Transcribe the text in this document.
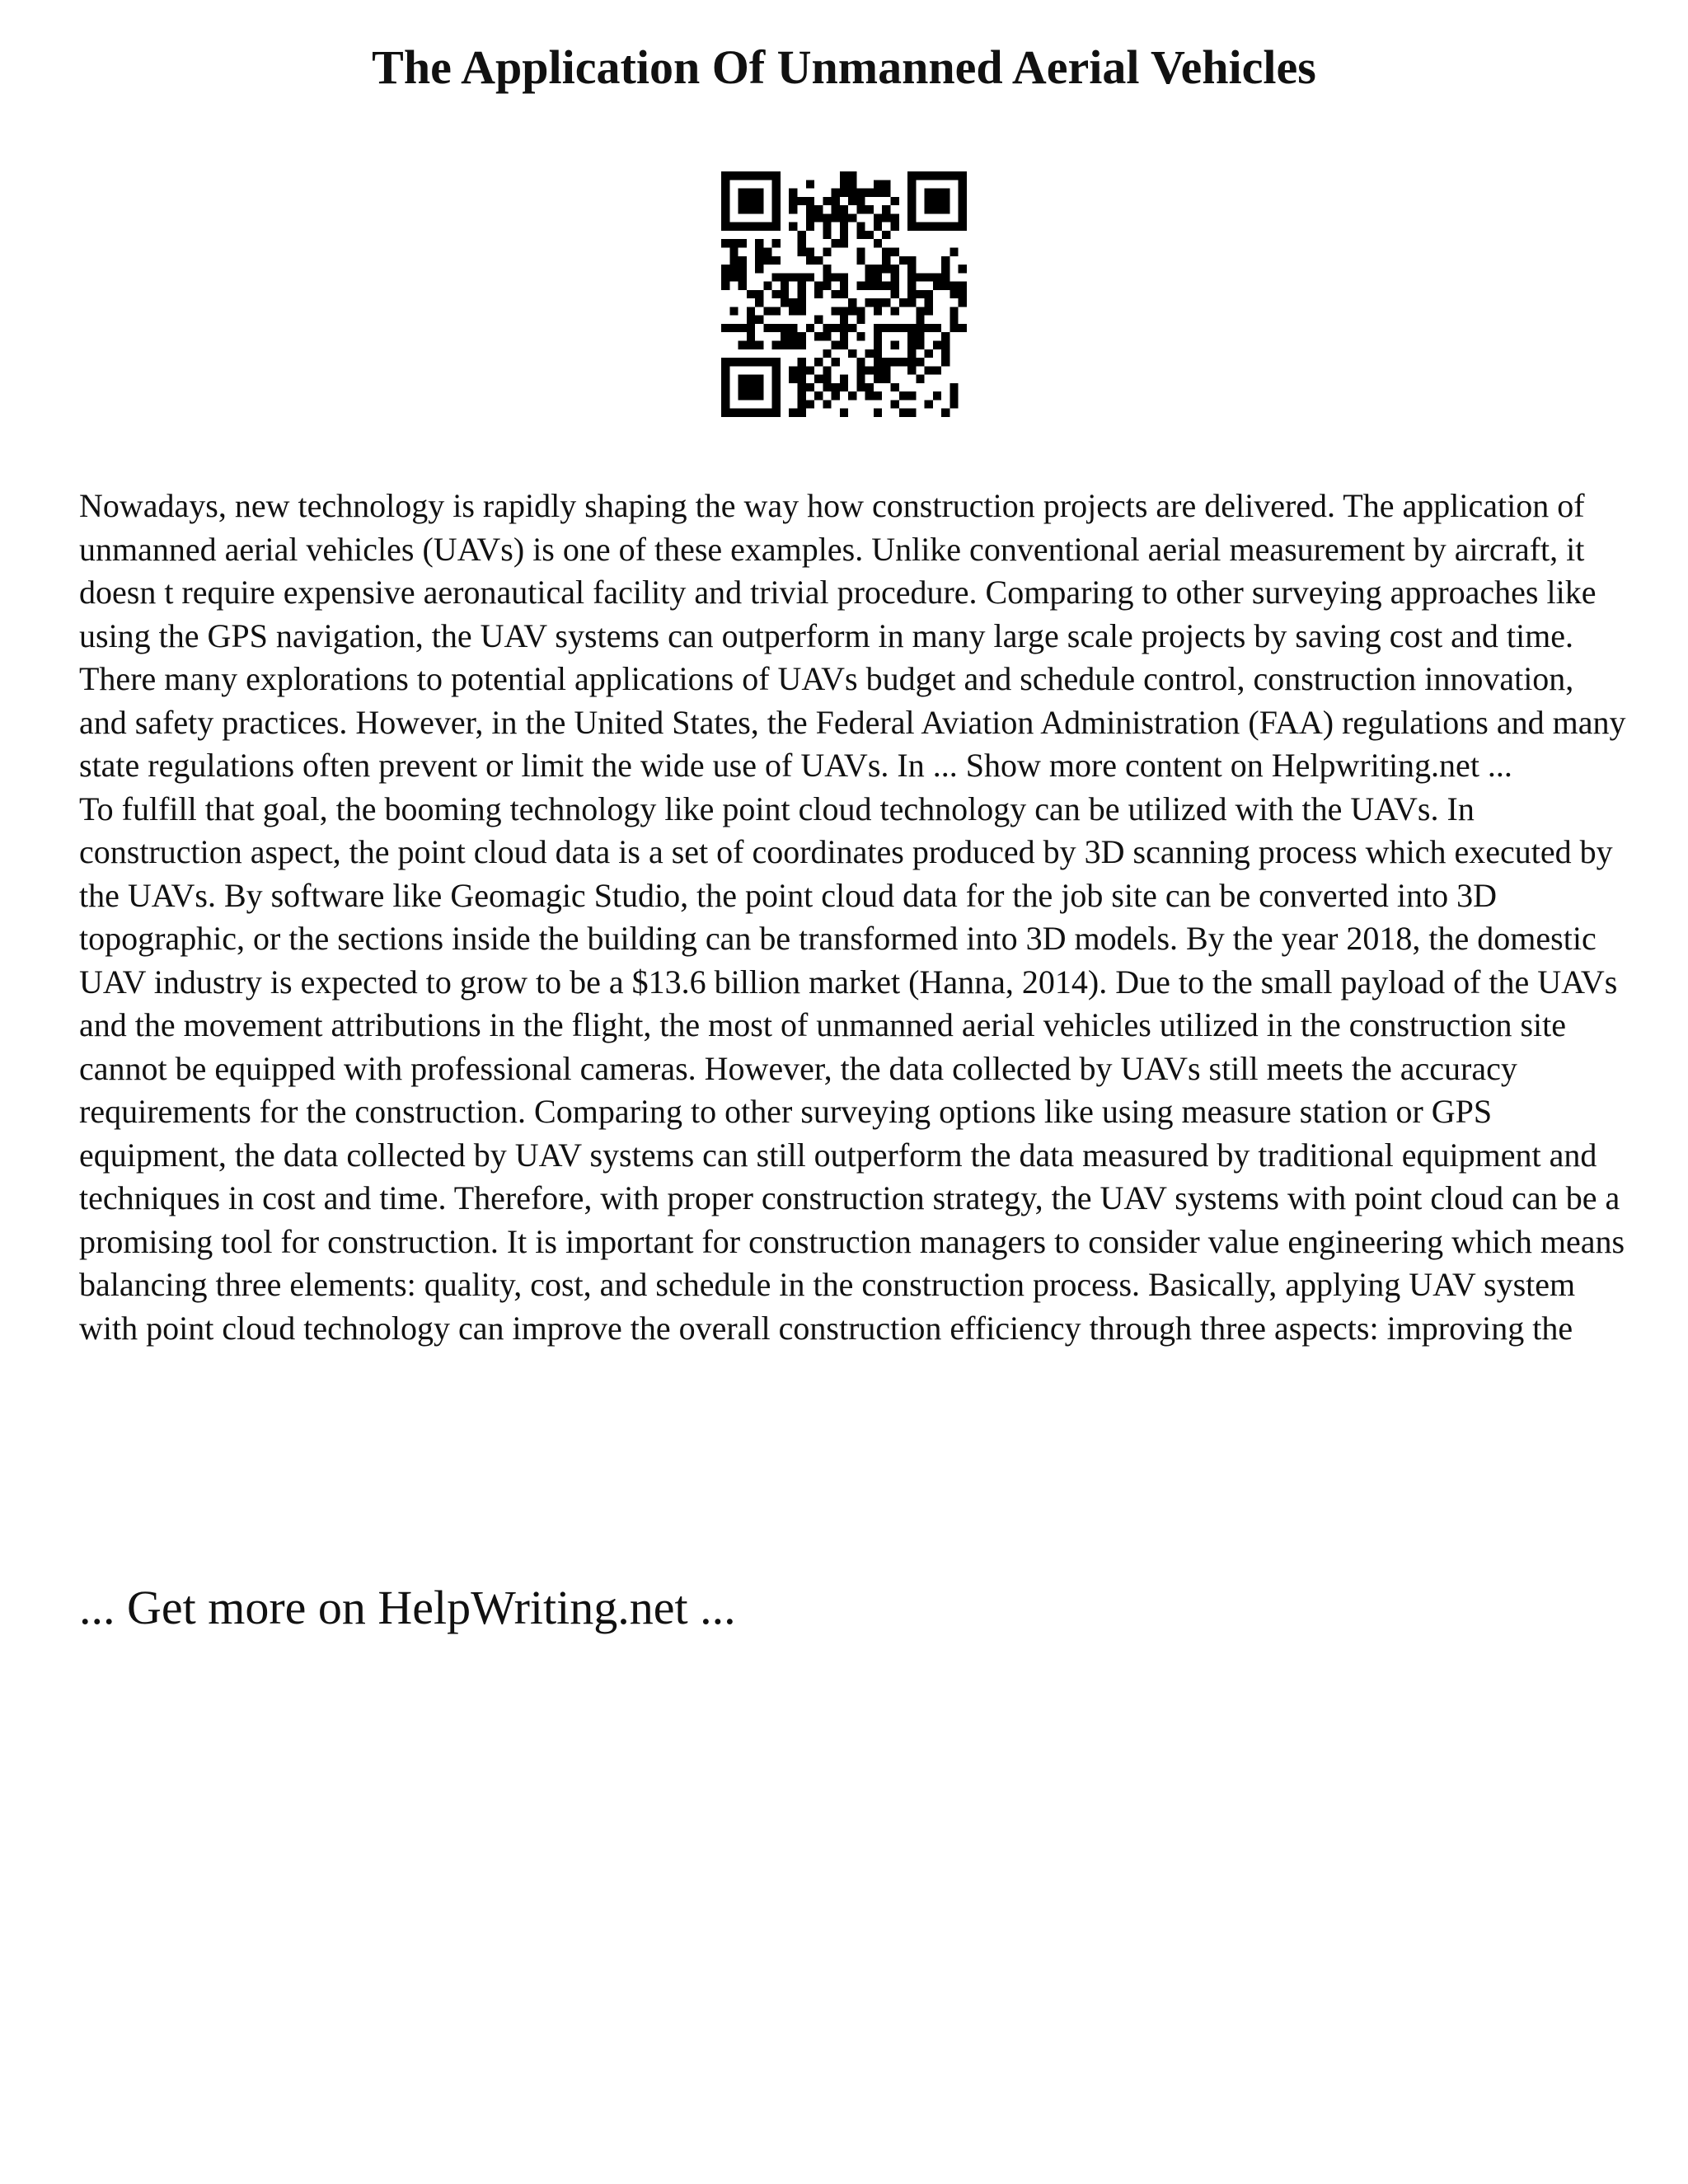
The Application Of Unmanned Aerial Vehicles

Nowadays, new technology is rapidly shaping the way how construction projects are delivered. The application of unmanned aerial vehicles (UAVs) is one of these examples. Unlike conventional aerial measurement by aircraft, it doesn t require expensive aeronautical facility and trivial procedure. Comparing to other surveying approaches like using the GPS navigation, the UAV systems can outperform in many large scale projects by saving cost and time. There many explorations to potential applications of UAVs budget and schedule control, construction innovation, and safety practices. However, in the United States, the Federal Aviation Administration (FAA) regulations and many state regulations often prevent or limit the wide use of UAVs. In ... Show more content on Helpwriting.net ...

To fulfill that goal, the booming technology like point cloud technology can be utilized with the UAVs. In construction aspect, the point cloud data is a set of coordinates produced by 3D scanning process which executed by the UAVs. By software like Geomagic Studio, the point cloud data for the job site can be converted into 3D topographic, or the sections inside the building can be transformed into 3D models. By the year 2018, the domestic UAV industry is expected to grow to be a $13.6 billion market (Hanna, 2014). Due to the small payload of the UAVs and the movement attributions in the flight, the most of unmanned aerial vehicles utilized in the construction site cannot be equipped with professional cameras. However, the data collected by UAVs still meets the accuracy requirements for the construction. Comparing to other surveying options like using measure station or GPS equipment, the data collected by UAV systems can still outperform the data measured by traditional equipment and techniques in cost and time. Therefore, with proper construction strategy, the UAV systems with point cloud can be a promising tool for construction. It is important for construction managers to consider value engineering which means balancing three elements: quality, cost, and schedule in the construction process. Basically, applying UAV system with point cloud technology can improve the overall construction efficiency through three aspects: improving the

... Get more on HelpWriting.net ...
